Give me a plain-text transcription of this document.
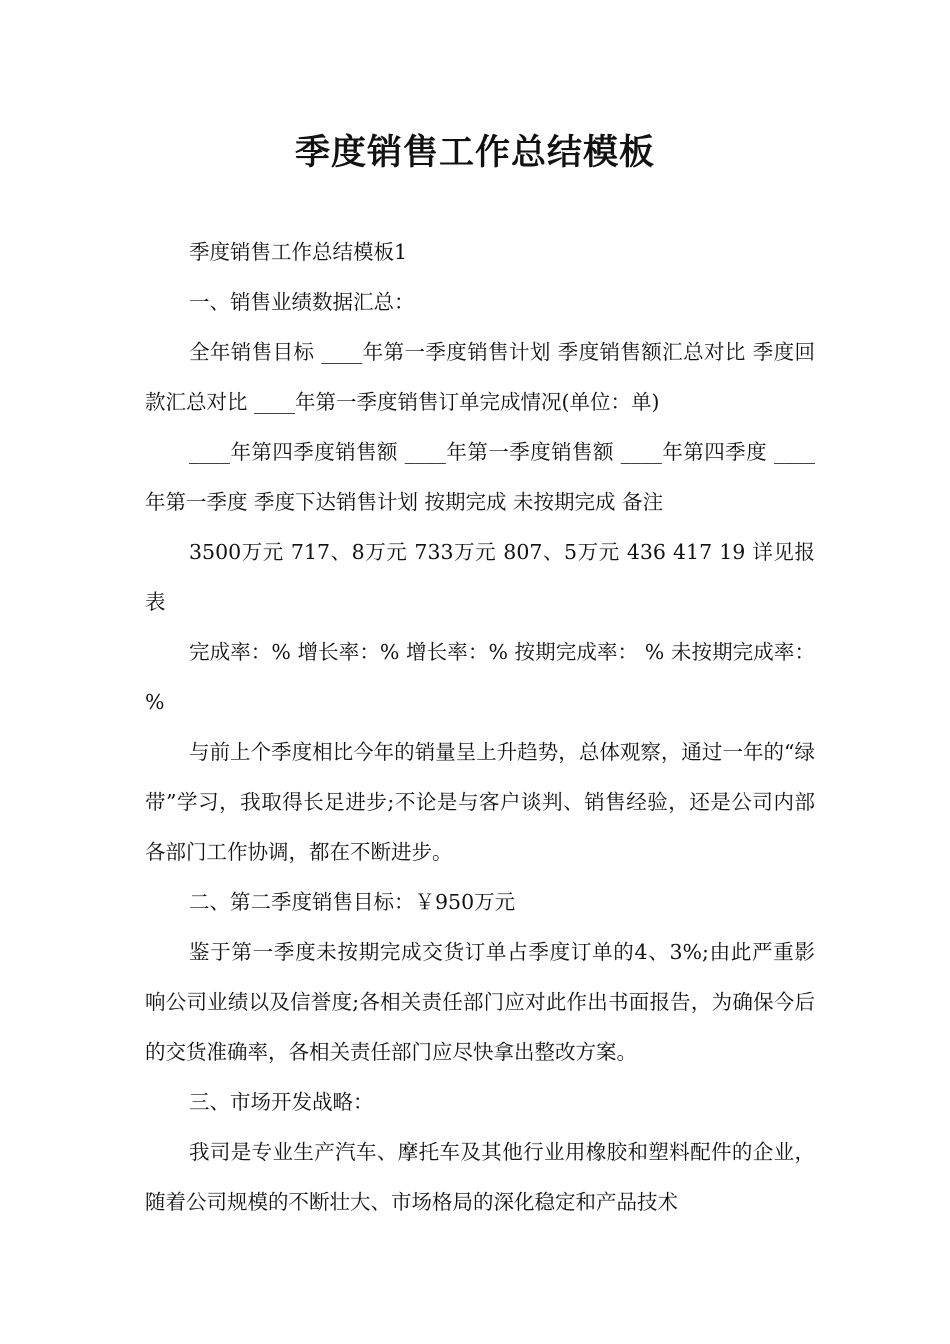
季度销售工作总结模板

季度销售工作总结模板1

一、销售业绩数据汇总：

全年销售目标 ____年第一季度销售计划 季度销售额汇总对比 季度回款汇总对比 ____年第一季度销售订单完成情况(单位：单)

____年第四季度销售额 ____年第一季度销售额 ____年第四季度 ____年第一季度 季度下达销售计划 按期完成 未按期完成 备注

3500万元 717、8万元 733万元 807、5万元 436 417 19 详见报表

完成率：% 增长率：% 增长率：% 按期完成率： % 未按期完成率：%

与前上个季度相比今年的销量呈上升趋势，总体观察，通过一年的“绿带”学习，我取得长足进步;不论是与客户谈判、销售经验，还是公司内部各部门工作协调，都在不断进步。

二、第二季度销售目标：￥950万元

鉴于第一季度未按期完成交货订单占季度订单的4、3%;由此严重影响公司业绩以及信誉度;各相关责任部门应对此作出书面报告，为确保今后的交货准确率，各相关责任部门应尽快拿出整改方案。

三、市场开发战略：

我司是专业生产汽车、摩托车及其他行业用橡胶和塑料配件的企业，随着公司规模的不断壮大、市场格局的深化稳定和产品技术
